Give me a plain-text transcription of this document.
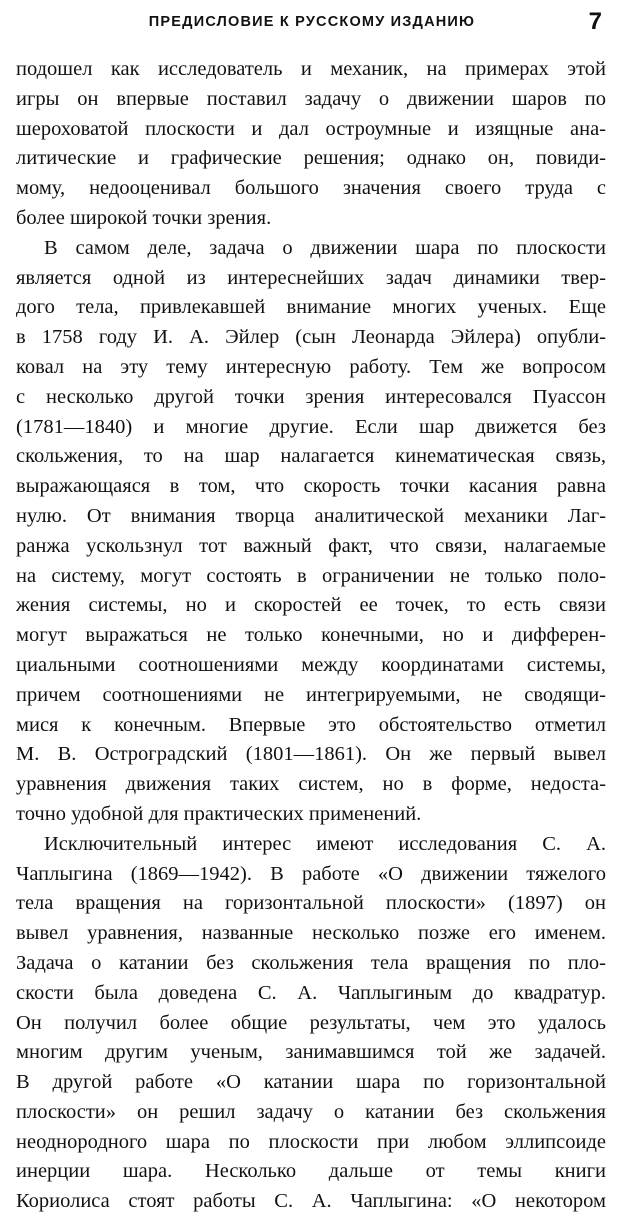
ПРЕДИСЛОВИЕ К РУССКОМУ ИЗДАНИЮ	7
подошел как исследователь и механик, на примерах этой
игры он впервые поставил задачу о движении шаров по
шероховатой плоскости и дал остроумные и изящные ана-
литические и графические решения; однако он, повиди-
мому, недооценивал большого значения своего труда с
более широкой точки зрения.
В самом деле, задача о движении шара по плоскости
является одной из интереснейших задач динамики твер-
дого тела, привлекавшей внимание многих ученых. Еще
в 1758 году И. А. Эйлер (сын Леонарда Эйлера) опубли-
ковал на эту тему интересную работу. Тем же вопросом
с несколько другой точки зрения интересовался Пуассон
(1781—1840) и многие другие. Если шар движется без
скольжения, то на шар налагается кинематическая связь,
выражающаяся в том, что скорость точки касания равна
нулю. От внимания творца аналитической механики Лаг-
ранжа ускользнул тот важный факт, что связи, налагаемые
на систему, могут состоять в ограничении не только поло-
жения системы, но и скоростей ее точек, то есть связи
могут выражаться не только конечными, но и дифферен-
циальными соотношениями между координатами системы,
причем соотношениями не интегрируемыми, не сводящи-
мися к конечным. Впервые это обстоятельство отметил
М. В. Остроградский (1801—1861). Он же первый вывел
уравнения движения таких систем, но в форме, недоста-
точно удобной для практических применений.
Исключительный интерес имеют исследования С. А.
Чаплыгина (1869—1942). В работе «О движении тяжелого
тела вращения на горизонтальной плоскости» (1897) он
вывел уравнения, названные несколько позже его именем.
Задача о катании без скольжения тела вращения по пло-
скости была доведена С. А. Чаплыгиным до квадратур.
Он получил более общие результаты, чем это удалось
многим другим ученым, занимавшимся той же задачей.
В другой работе «О катании шара по горизонтальной
плоскости» он решил задачу о катании без скольжения
неоднородного шара по плоскости при любом эллипсоиде
инерции шара. Несколько дальше от темы книги
Кориолиса стоят работы С. А. Чаплыгина: «О некотором
